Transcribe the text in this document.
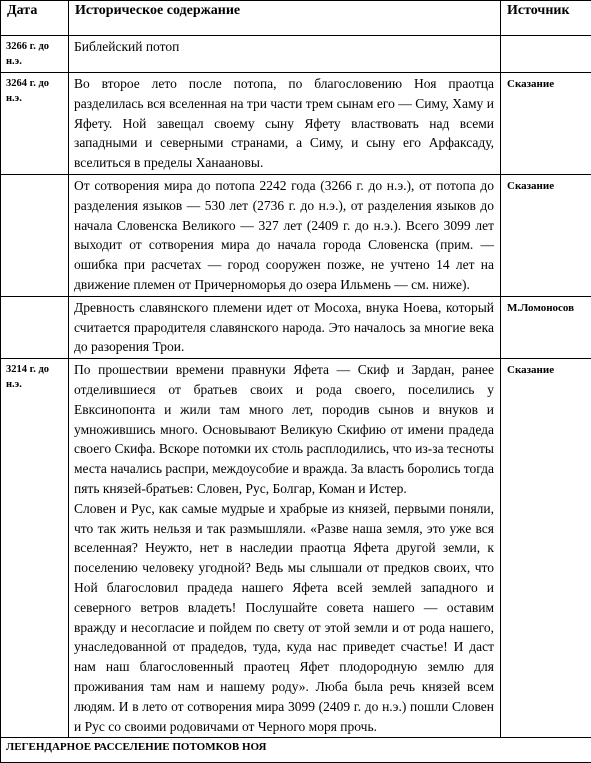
Дата	Историческое содержание	Источник
3266 г. до н.э.	Библейский потоп	

3264 г. до н.э.	Во второе лето после потопа, по благословению Ноя праотца разделилась вся вселенная на три части трем сынам его — Симу, Хаму и Яфету. Ной завещал своему сыну Яфету властвовать над всеми западными и северными странами, а Симу, и сыну его Арфаксаду, вселиться в пределы Ханаановы.	Сказание

	От сотворения мира до потопа 2242 года (3266 г. до н.э.), от потопа до разделения языков — 530 лет (2736 г. до н.э.), от разделения языков до начала Словенска Великого — 327 лет (2409 г. до н.э.). Всего 3099 лет выходит от сотворения мира до начала города Словенска (прим. — ошибка при расчетах — город сооружен позже, не учтено 14 лет на движение племен от Причерноморья до озера Ильмень — см. ниже).	Сказание

	Древность славянского племени идет от Мосоха, внука Ноева, который считается прародителя славянского народа. Это началось за многие века до разорения Трои.	М.Ломоносов
3214 г. до н.э.	По прошествии времени правнуки Яфета — Скиф и Зардан, ранее отделившиеся от братьев своих и рода своего, поселились у Евксинопонта и жили там много лет, породив сынов и внуков и умножившись много. Основывают Великую Скифию от имени прадеда своего Скифа. Вскоре потомки их столь расплодились, что из-за тесноты места начались распри, междоусобие и вражда. За власть боролись тогда пять князей-братьев: Словен, Рус, Болгар, Коман и Истер.

Словен и Рус, как самые мудрые и храбрые из князей, первыми поняли, что так жить нельзя и так размышляли. «Разве наша земля, это уже вся вселенная? Неужто, нет в наследии праотца Яфета другой земли, к поселению человеку угодной? Ведь мы слышали от предков своих, что Ной благословил прадеда нашего Яфета всей землей западного и северного ветров владеть! Послушайте совета нашего — оставим вражду и несогласие и пойдем по свету от этой земли и от рода нашего, унаследованной от прадедов, туда, куда нас приведет счастье! И даст нам наш благословенный праотец Яфет плодородную землю для проживания там нам и нашему роду». Люба была речь князей всем людям. И в лето от сотворения мира 3099 (2409 г. до н.э.) пошли Словен и Рус со своими родовичами от Черного моря прочь.	Сказание
ЛЕГЕНДАРНОЕ РАССЕЛЕНИЕ ПОТОМКОВ НОЯ		
